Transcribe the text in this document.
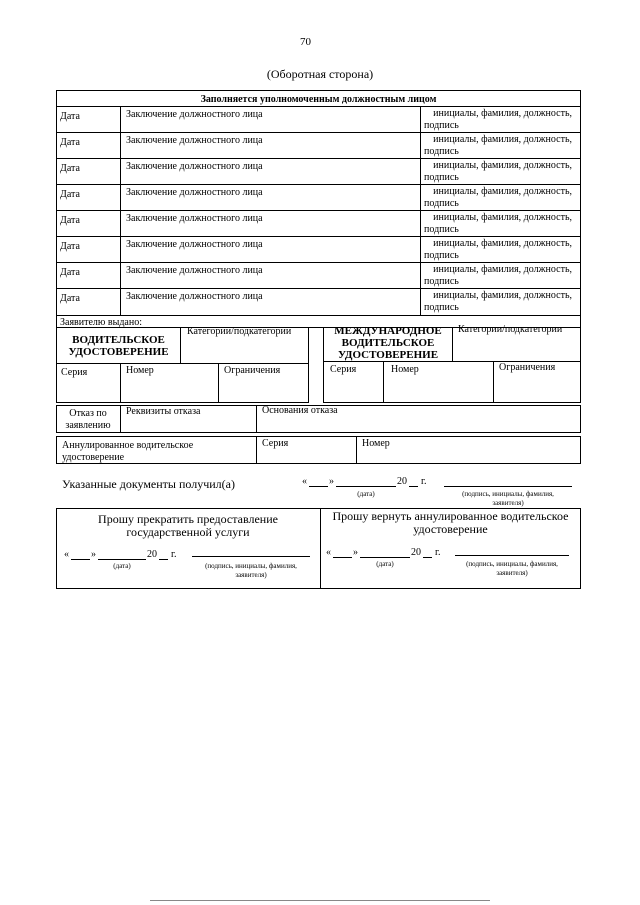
70
(Оборотная сторона)
Заполняется уполномоченным должностным лицом
Дата	Заключение должностного лица	инициалы, фамилия, должность,
подпись
Дата	Заключение должностного лица	инициалы, фамилия, должность,
подпись
Дата	Заключение должностного лица	инициалы, фамилия, должность,
подпись
Дата	Заключение должностного лица	инициалы, фамилия, должность,
подпись
Дата	Заключение должностного лица	инициалы, фамилия, должность,
подпись
Дата	Заключение должностного лица	инициалы, фамилия, должность,
подпись
Дата	Заключение должностного лица	инициалы, фамилия, должность,
подпись
Дата	Заключение должностного лица	инициалы, фамилия, должность,
подпись
Заявителю выдано:
ВОДИТЕЛЬСКОЕ
УДОСТОВЕРЕНИЕ
Категории/подкатегории
Серия	Номер	Ограничения
МЕЖДУНАРОДНОЕ
ВОДИТЕЛЬСКОЕ
УДОСТОВЕРЕНИЕ
Категории/подкатегории
Серия	Номер	Ограничения
Отказ по
заявлению
Реквизиты отказа	Основания отказа
Аннулированное водительское
удостоверение
Серия	Номер
Указанные документы получил(а)	« »	20 г.
(дата)	(подпись, инициалы, фамилия,
заявителя)
Прошу прекратить предоставление
государственной услуги
« »	20 г.
(дата)	(подпись, инициалы, фамилия,
заявителя)
Прошу вернуть аннулированное водительское
удостоверение
« »	20 г.
(дата)	(подпись, инициалы, фамилия,
заявителя)
